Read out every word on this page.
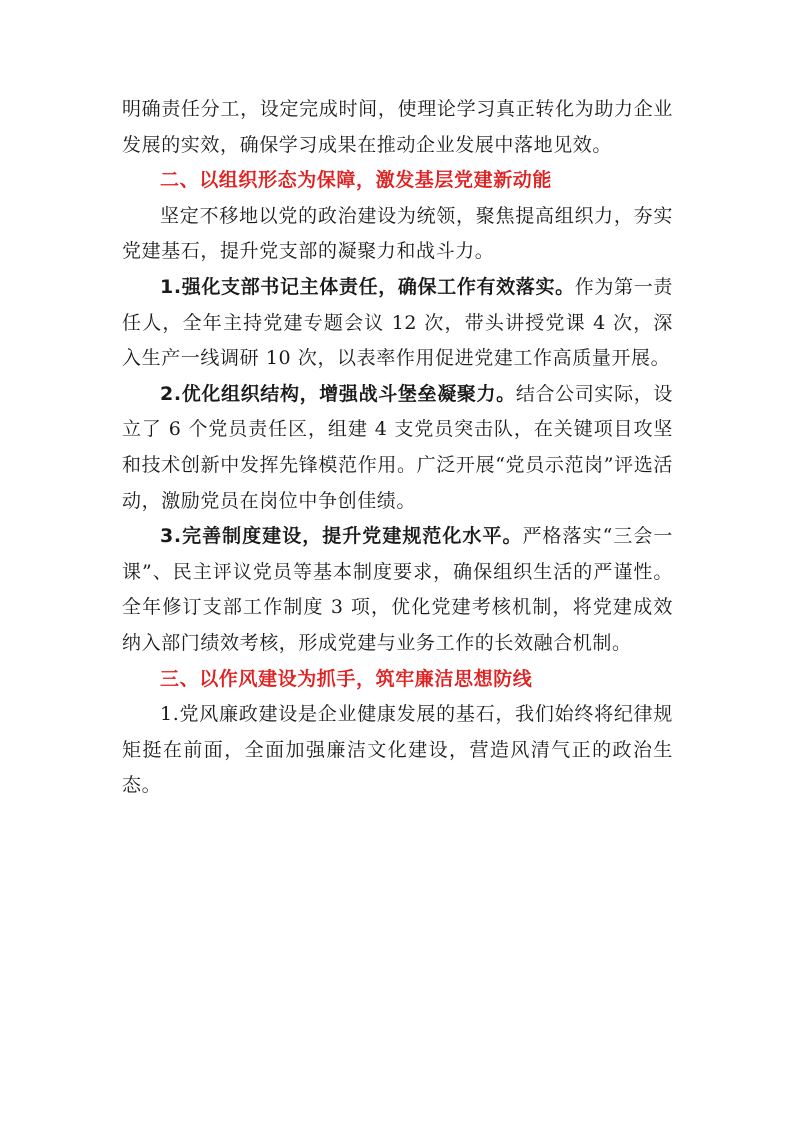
明确责任分工，设定完成时间，使理论学习真正转化为助力企业发展的实效，确保学习成果在推动企业发展中落地见效。

二、以组织形态为保障，激发基层党建新动能

坚定不移地以党的政治建设为统领，聚焦提高组织力，夯实党建基石，提升党支部的凝聚力和战斗力。

1.强化支部书记主体责任，确保工作有效落实。作为第一责任人，全年主持党建专题会议 12 次，带头讲授党课 4 次，深入生产一线调研 10 次，以表率作用促进党建工作高质量开展。

2.优化组织结构，增强战斗堡垒凝聚力。结合公司实际，设立了 6 个党员责任区，组建 4 支党员突击队，在关键项目攻坚和技术创新中发挥先锋模范作用。广泛开展“党员示范岗”评选活动，激励党员在岗位中争创佳绩。

3.完善制度建设，提升党建规范化水平。严格落实“三会一课”、民主评议党员等基本制度要求，确保组织生活的严谨性。全年修订支部工作制度 3 项，优化党建考核机制，将党建成效纳入部门绩效考核，形成党建与业务工作的长效融合机制。

三、以作风建设为抓手，筑牢廉洁思想防线

1.党风廉政建设是企业健康发展的基石，我们始终将纪律规矩挺在前面，全面加强廉洁文化建设，营造风清气正的政治生态。
